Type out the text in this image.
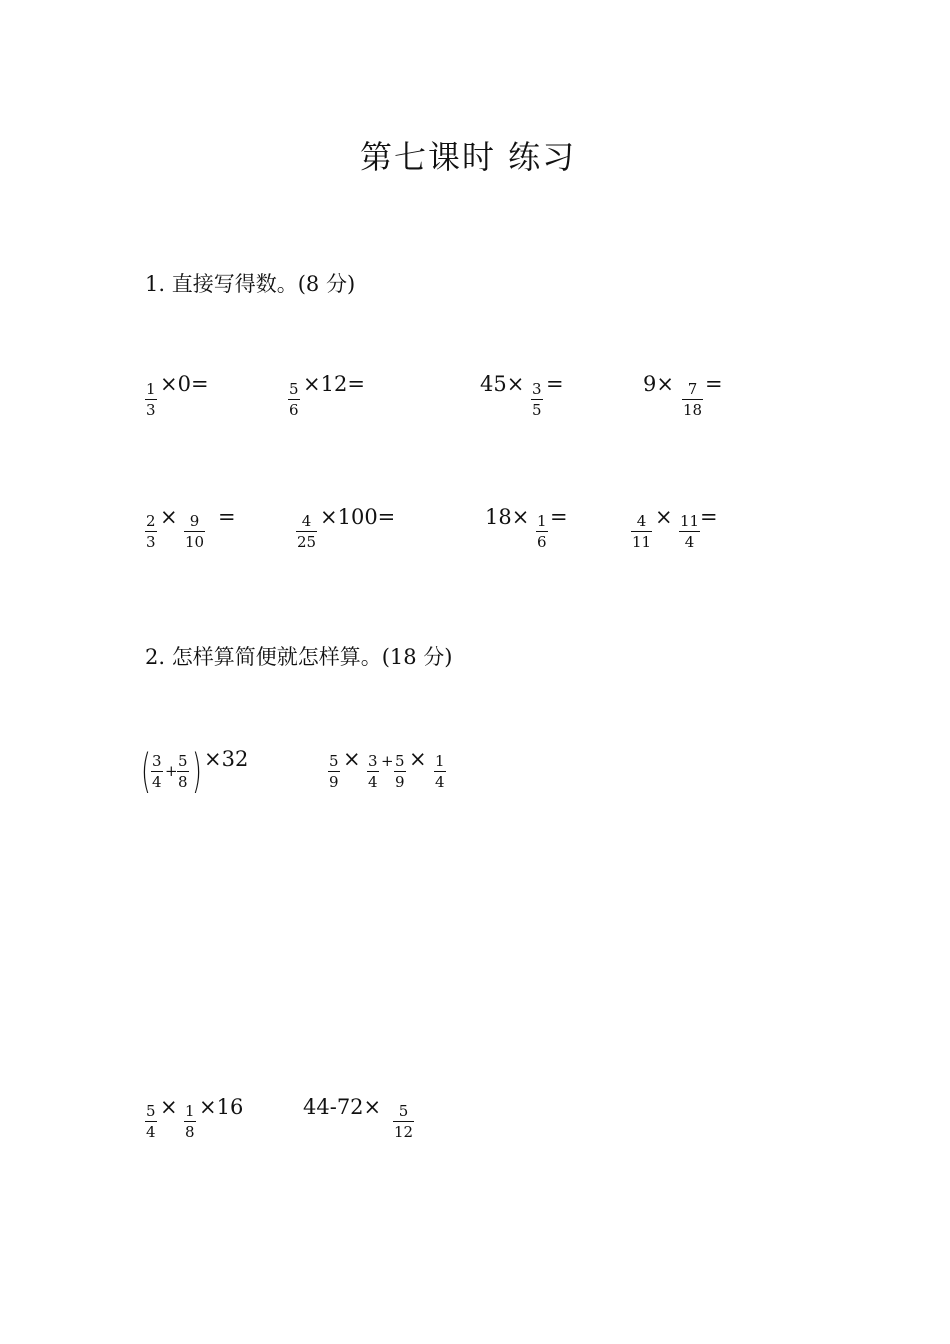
第七课时 练习
1. 直接写得数。(8 分)
1
3
×0=	5
6
×12=	45× 3
5
=	9× 7
18
=
2
3
× 9
10
=	4
25
×100=	18× 1
6
=	4
11
× 11
4
=
2. 怎样算简便就怎样算。(18 分)
( 3
4
+
5
8 ) ×32	5
9
× 3
4
+ 5
9
× 1
4
5
4
× 1
8
×16	44-72×	5
12
